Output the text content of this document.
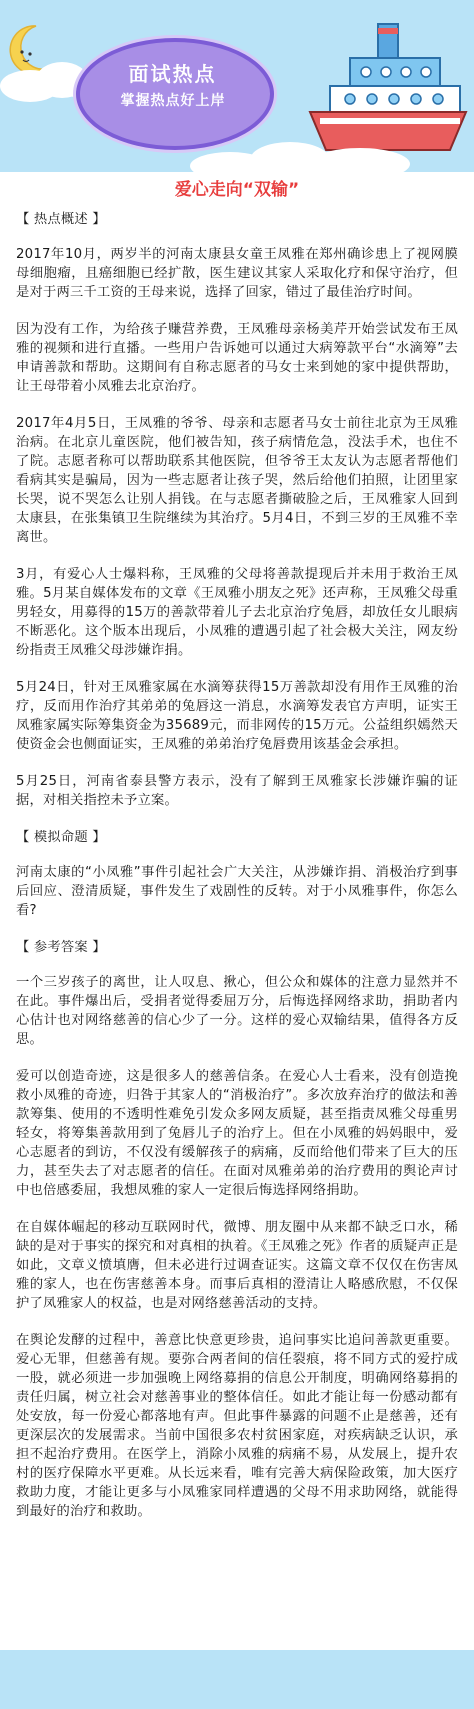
面试热点
掌握热点好上岸
爱心走向“双输”
【 热点概述 】

2017年10月，两岁半的河南太康县女童王凤雅在郑州确诊患上了视网膜母细胞瘤，且癌细胞已经扩散，医生建议其家人采取化疗和保守治疗，但是对于两三千工资的王母来说，选择了回家，错过了最佳治疗时间。

因为没有工作，为给孩子赚营养费，王凤雅母亲杨美芹开始尝试发布王凤雅的视频和进行直播。一些用户告诉她可以通过大病筹款平台“水滴筹”去申请善款和帮助。这期间有自称志愿者的马女士来到她的家中提供帮助，让王母带着小凤雅去北京治疗。

2017年4月5日，王凤雅的爷爷、母亲和志愿者马女士前往北京为王凤雅治病。在北京儿童医院，他们被告知，孩子病情危急，没法手术，也住不了院。志愿者称可以帮助联系其他医院，但爷爷王太友认为志愿者帮他们看病其实是骗局，因为一些志愿者让孩子哭，然后给他们拍照，让团里家长哭，说不哭怎么让别人捐钱。在与志愿者撕破脸之后，王凤雅家人回到太康县，在张集镇卫生院继续为其治疗。5月4日，不到三岁的王凤雅不幸离世。

3月，有爱心人士爆料称，王凤雅的父母将善款提现后并未用于救治王凤雅。5月某自媒体发布的文章《王凤雅小朋友之死》还声称，王凤雅父母重男轻女，用募得的15万的善款带着儿子去北京治疗兔唇，却放任女儿眼病不断恶化。这个版本出现后，小凤雅的遭遇引起了社会极大关注，网友纷纷指责王凤雅父母涉嫌诈捐。

5月24日，针对王凤雅家属在水滴筹获得15万善款却没有用作王凤雅的治疗，反而用作治疗其弟弟的兔唇这一消息，水滴筹发表官方声明，证实王凤雅家属实际筹集资金为35689元，而非网传的15万元。公益组织嫣然天使资金会也侧面证实，王凤雅的弟弟治疗兔唇费用该基金会承担。

5月25日，河南省泰县警方表示，没有了解到王凤雅家长涉嫌诈骗的证据，对相关指控未予立案。

【 模拟命题 】

河南太康的“小凤雅”事件引起社会广大关注，从涉嫌诈捐、消极治疗到事后回应、澄清质疑，事件发生了戏剧性的反转。对于小凤雅事件，你怎么看?

【 参考答案 】

一个三岁孩子的离世，让人叹息、揪心，但公众和媒体的注意力显然并不在此。事件爆出后，受捐者觉得委屈万分，后悔选择网络求助，捐助者内心估计也对网络慈善的信心少了一分。这样的爱心双输结果，值得各方反思。

爱可以创造奇迹，这是很多人的慈善信条。在爱心人士看来，没有创造挽救小凤雅的奇迹，归咎于其家人的“消极治疗”。多次放弃治疗的做法和善款筹集、使用的不透明性难免引发众多网友质疑，甚至指责凤雅父母重男轻女，将筹集善款用到了兔唇儿子的治疗上。但在小凤雅的妈妈眼中，爱心志愿者的到访，不仅没有缓解孩子的病痛，反而给他们带来了巨大的压力，甚至失去了对志愿者的信任。在面对凤雅弟弟的治疗费用的舆论声讨中也倍感委屈，我想凤雅的家人一定很后悔选择网络捐助。

在自媒体崛起的移动互联网时代，微博、朋友圈中从来都不缺乏口水，稀缺的是对于事实的探究和对真相的执着。《王凤雅之死》作者的质疑声正是如此，文章义愤填膺，但未必进行过调查证实。这篇文章不仅仅在伤害凤雅的家人，也在伤害慈善本身。而事后真相的澄清让人略感欣慰，不仅保护了凤雅家人的权益，也是对网络慈善活动的支持。

在舆论发酵的过程中，善意比快意更珍贵，追问事实比追问善款更重要。爱心无罪，但慈善有规。要弥合两者间的信任裂痕，将不同方式的爱拧成一股，就必须进一步加强晚上网络募捐的信息公开制度，明确网络募捐的责任归属，树立社会对慈善事业的整体信任。如此才能让每一份感动都有处安放，每一份爱心都落地有声。但此事件暴露的问题不止是慈善，还有更深层次的发展需求。当前中国很多农村贫困家庭，对疾病缺乏认识，承担不起治疗费用。在医学上，消除小凤雅的病痛不易，从发展上，提升农村的医疗保障水平更难。从长远来看，唯有完善大病保险政策，加大医疗救助力度，才能让更多与小凤雅家同样遭遇的父母不用求助网络，就能得到最好的治疗和救助。
